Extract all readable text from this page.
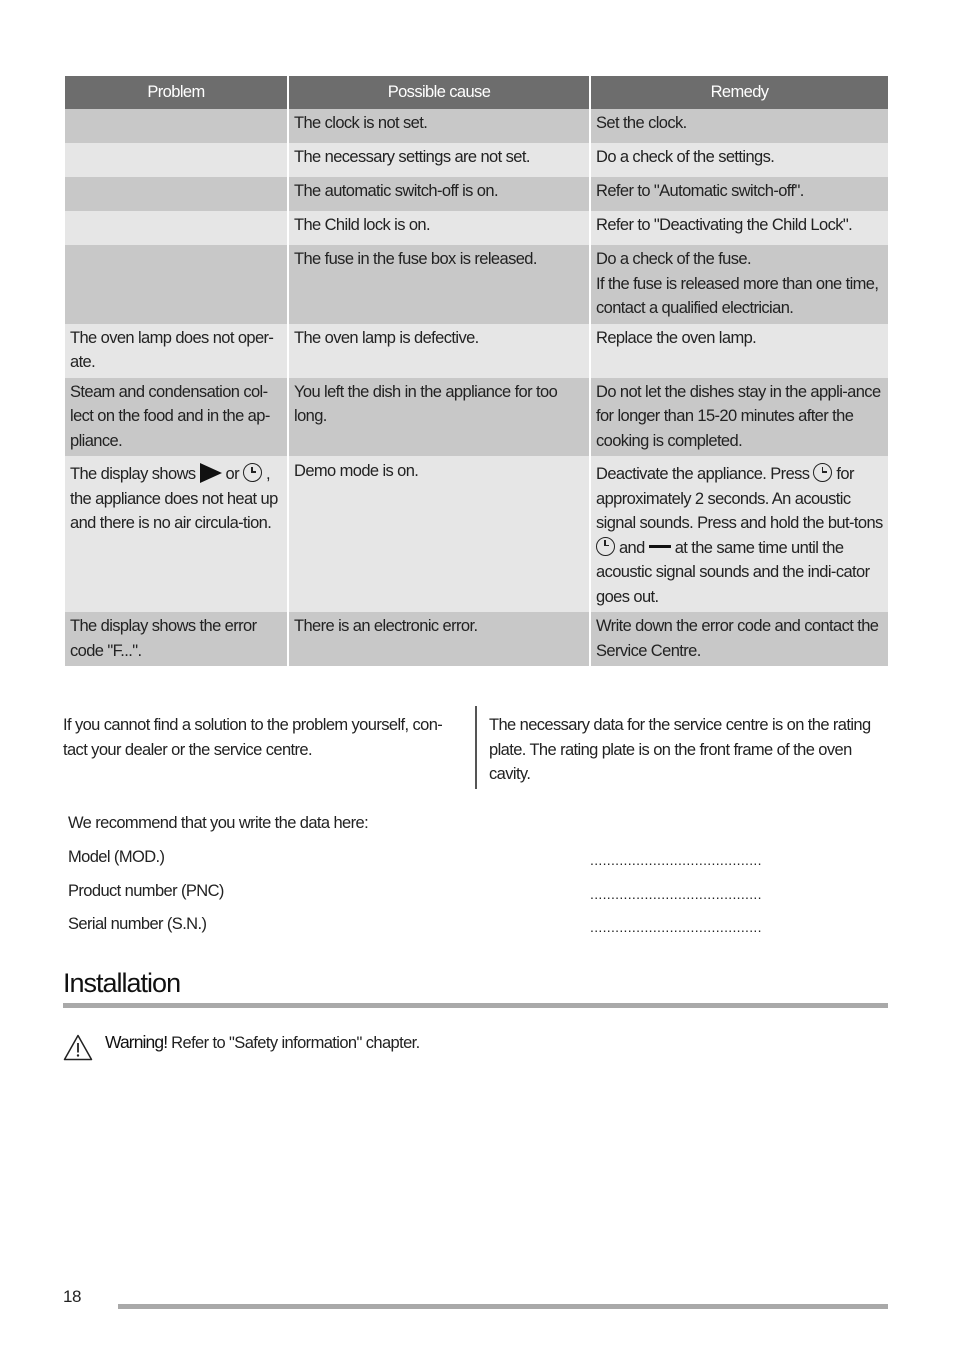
Problem	Possible cause	Remedy
	The clock is not set.	Set the clock.
	The necessary settings are not set.	Do a check of the settings.
	The automatic switch-off is on.	Refer to "Automatic switch-off".
	The Child lock is on.	Refer to "Deactivating the Child Lock".
	The fuse in the fuse box is released.	Do a check of the fuse.
If the fuse is released more than one time, contact a qualified electrician.

The oven lamp does not oper-ate.	The oven lamp is defective.	Replace the oven lamp.
Steam and condensation col-lect on the food and in the ap-pliance.	You left the dish in the appliance for too long.	Do not let the dishes stay in the appli-ance for longer than 15-20 minutes after the cooking is completed.
The display shows or , the appliance does not heat up and there is no air circula-tion.	Demo mode is on.	Deactivate the appliance. Press for approximately 2 seconds. An acoustic signal sounds. Press and hold the but-tons  and at the same time until the acoustic signal sounds and the indi-cator goes out.
The display shows the error code "F...".	There is an electronic error.	Write down the error code and contact the Service Centre.
If you cannot find a solution to the problem yourself, con-tact your dealer or the service centre.
The necessary data for the service centre is on the rating plate. The rating plate is on the front frame of the oven cavity.
We recommend that you write the data here:
Model (MOD.)	.........................................
Product number (PNC)	.........................................
Serial number (S.N.)	.........................................
Installation
Warning! Refer to "Safety information" chapter.
18
